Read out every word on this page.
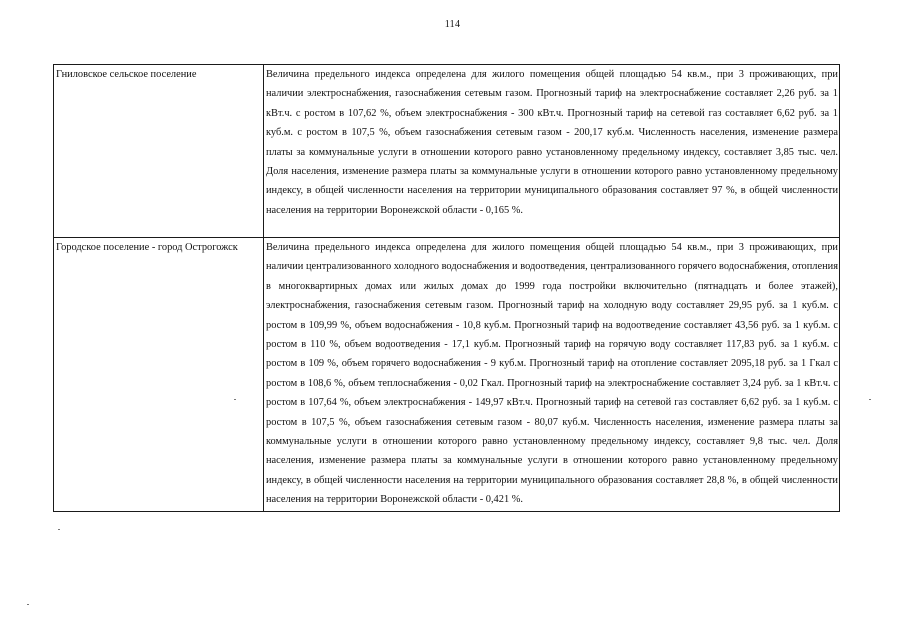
114
Гниловское сельское поселение	Величина предельного индекса определена для жилого помещения общей площадью 54 кв.м., при 3 проживающих, при наличии электроснабжения, газоснабжения сетевым газом. Прогнозный тариф на электроснабжение составляет 2,26 руб. за 1 кВт.ч. с ростом в 107,62 %, объем электроснабжения - 300 кВт.ч. Прогнозный тариф на сетевой газ составляет 6,62 руб. за 1 куб.м. с ростом в 107,5 %, объем газоснабжения сетевым газом - 200,17 куб.м. Численность населения, изменение размера платы за коммунальные услуги в отношении которого равно установленному предельному индексу, составляет 3,85 тыс. чел. Доля населения, изменение размера платы за коммунальные услуги в отношении которого равно установленному предельному индексу, в общей численности населения на территории муниципального образования составляет 97 %, в общей численности населения на территории Воронежской области - 0,165 %.

Городское поселение - город Острогожск	Величина предельного индекса определена для жилого помещения общей площадью 54 кв.м., при 3 проживающих, при наличии централизованного холодного водоснабжения и водоотведения, централизованного горячего водоснабжения, отопления в многоквартирных домах или жилых домах до 1999 года постройки включительно (пятнадцать и более этажей), электроснабжения, газоснабжения сетевым газом. Прогнозный тариф на холодную воду составляет 29,95 руб. за 1 куб.м. с ростом в 109,99 %, объем водоснабжения - 10,8 куб.м. Прогнозный тариф на водоотведение составляет 43,56 руб. за 1 куб.м. с ростом в 110 %, объем водоотведения - 17,1 куб.м. Прогнозный тариф на горячую воду составляет 117,83 руб. за 1 куб.м. с ростом в 109 %, объем горячего водоснабжения - 9 куб.м. Прогнозный тариф на отопление составляет 2095,18 руб. за 1 Гкал с ростом в 108,6 %, объем теплоснабжения - 0,02 Гкал. Прогнозный тариф на электроснабжение составляет 3,24 руб. за 1 кВт.ч. с ростом в 107,64 %, объем электроснабжения - 149,97 кВт.ч. Прогнозный тариф на сетевой газ составляет 6,62 руб. за 1 куб.м. с ростом в 107,5 %, объем газоснабжения сетевым газом - 80,07 куб.м. Численность населения, изменение размера платы за коммунальные услуги в отношении которого равно установленному предельному индексу, составляет 9,8 тыс. чел. Доля населения, изменение размера платы за коммунальные услуги в отношении которого равно установленному предельному индексу, в общей численности населения на территории муниципального образования составляет 28,8 %, в общей численности населения на территории Воронежской области - 0,421 %.
